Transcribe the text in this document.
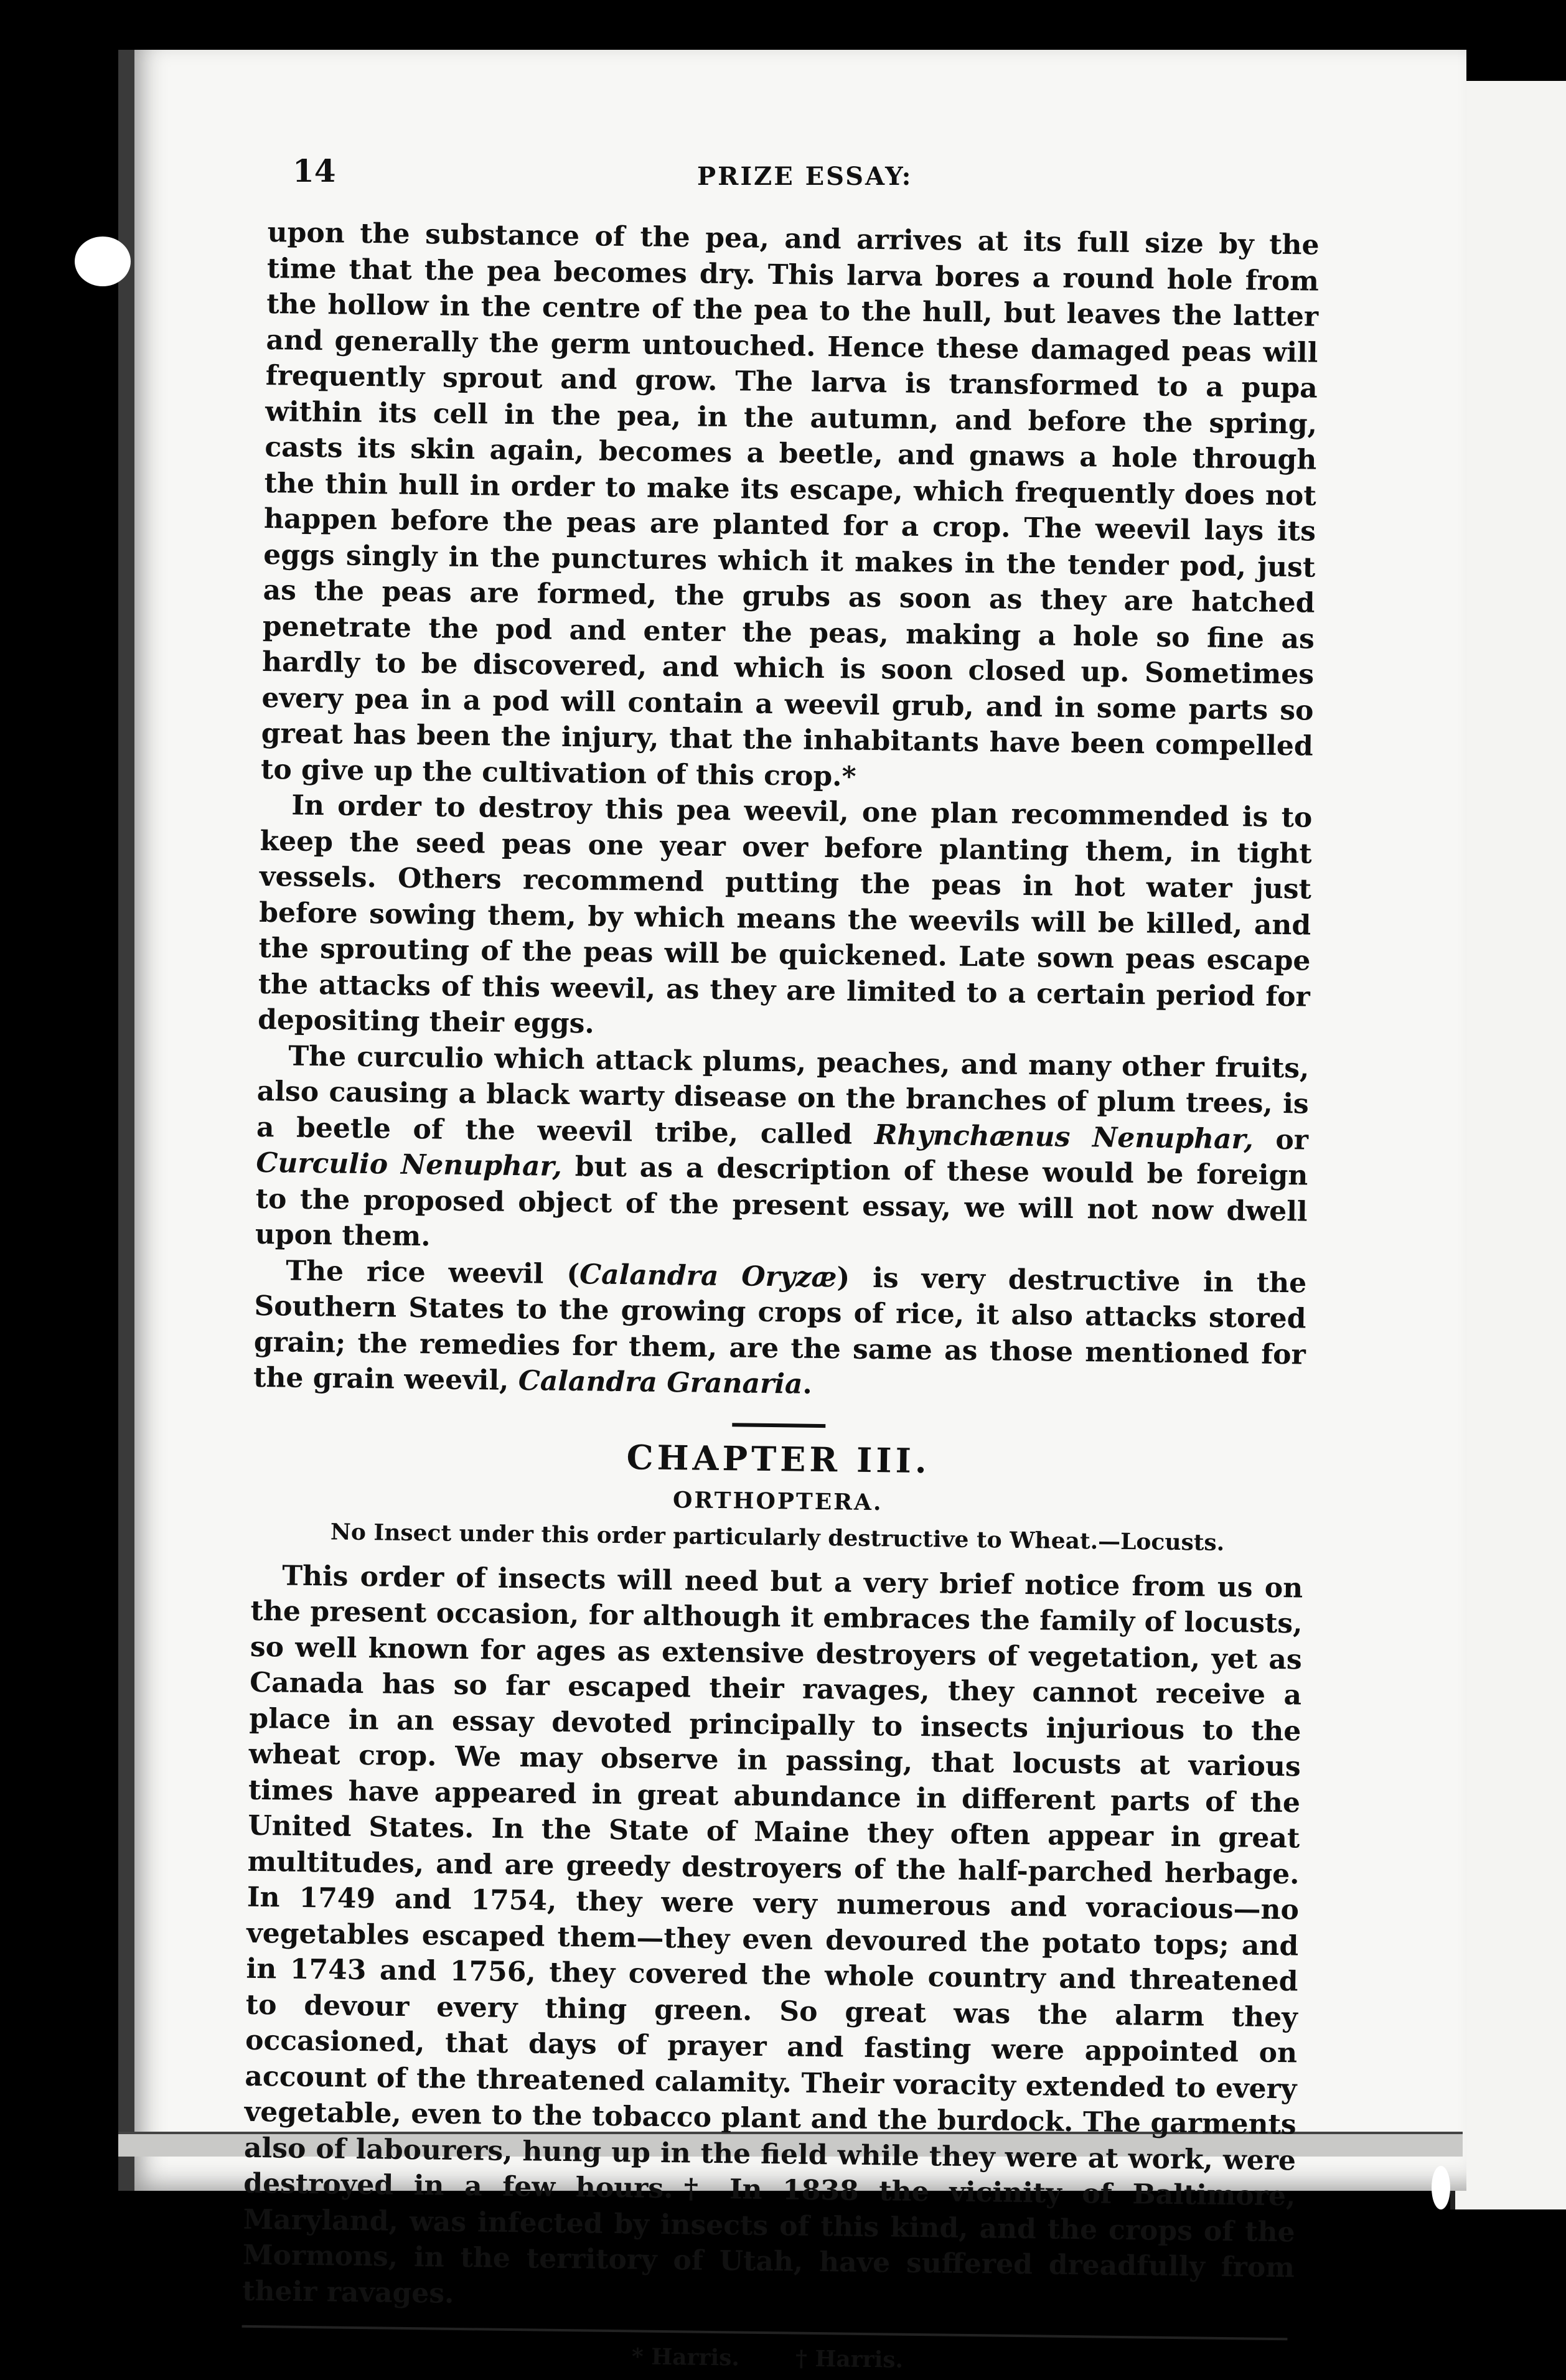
14	PRIZE ESSAY:

upon the substance of the pea, and arrives at its full size by the time that the pea becomes dry. This larva bores a round hole from the hollow in the centre of the pea to the hull, but leaves the latter and generally the germ untouched. Hence these damaged peas will frequently sprout and grow. The larva is transformed to a pupa within its cell in the pea, in the autumn, and before the spring, casts its skin again, becomes a beetle, and gnaws a hole through the thin hull in order to make its escape, which frequently does not happen before the peas are planted for a crop. The weevil lays its eggs singly in the punctures which it makes in the tender pod, just as the peas are formed, the grubs as soon as they are hatched penetrate the pod and enter the peas, making a hole so fine as hardly to be discovered, and which is soon closed up. Sometimes every pea in a pod will contain a weevil grub, and in some parts so great has been the injury, that the inhabitants have been compelled to give up the cultivation of this crop.*

In order to destroy this pea weevil, one plan recommended is to keep the seed peas one year over before planting them, in tight vessels. Others recommend putting the peas in hot water just before sowing them, by which means the weevils will be killed, and the sprouting of the peas will be quickened. Late sown peas escape the attacks of this weevil, as they are limited to a certain period for depositing their eggs.

The curculio which attack plums, peaches, and many other fruits, also causing a black warty disease on the branches of plum trees, is a beetle of the weevil tribe, called Rhynchænus Nenuphar, or Curculio Nenuphar, but as a description of these would be foreign to the proposed object of the present essay, we will not now dwell upon them.

The rice weevil (Calandra Oryzæ) is very destructive in the Southern States to the growing crops of rice, it also attacks stored grain; the remedies for them, are the same as those mentioned for the grain weevil, Calandra Granaria.

CHAPTER III.
ORTHOPTERA.
No Insect under this order particularly destructive to Wheat.—Locusts.

This order of insects will need but a very brief notice from us on the present occasion, for although it embraces the family of locusts, so well known for ages as extensive destroyers of vegetation, yet as Canada has so far escaped their ravages, they cannot receive a place in an essay devoted principally to insects injurious to the wheat crop. We may observe in passing, that locusts at various times have appeared in great abundance in different parts of the United States. In the State of Maine they often appear in great multitudes, and are greedy destroyers of the half-parched herbage. In 1749 and 1754, they were very numerous and voracious—no vegetables escaped them—they even devoured the potato tops; and in 1743 and 1756, they covered the whole country and threatened to devour every thing green. So great was the alarm they occasioned, that days of prayer and fasting were appointed on account of the threatened calamity. Their voracity extended to every vegetable, even to the tobacco plant and the burdock. The garments also of labourers, hung up in the field while they were at work, were destroyed in a few hours.† In 1838 the vicinity of Baltimore, Maryland, was infected by insects of this kind, and the crops of the Mormons, in the territory of Utah, have suffered dreadfully from their ravages.

* Harris. † Harris.
